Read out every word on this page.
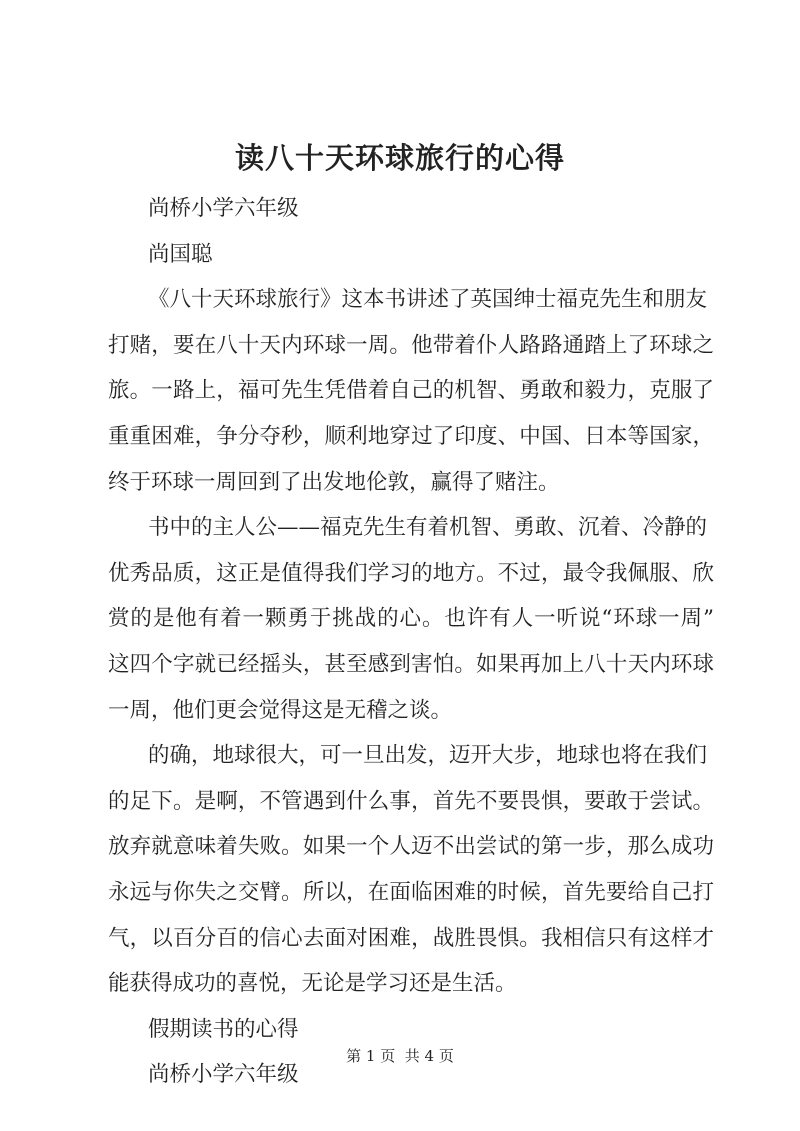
读八十天环球旅行的心得
尚桥小学六年级
尚国聪
《八十天环球旅行》这本书讲述了英国绅士福克先生和朋友
打赌，要在八十天内环球一周。他带着仆人路路通踏上了环球之
旅。一路上，福可先生凭借着自己的机智、勇敢和毅力，克服了
重重困难，争分夺秒，顺利地穿过了印度、中国、日本等国家，
终于环球一周回到了出发地伦敦，赢得了赌注。
书中的主人公——福克先生有着机智、勇敢、沉着、冷静的
优秀品质，这正是值得我们学习的地方。不过，最令我佩服、欣
赏的是他有着一颗勇于挑战的心。也许有人一听说“环球一周”
这四个字就已经摇头，甚至感到害怕。如果再加上八十天内环球
一周，他们更会觉得这是无稽之谈。
的确，地球很大，可一旦出发，迈开大步，地球也将在我们
的足下。是啊，不管遇到什么事，首先不要畏惧，要敢于尝试。
放弃就意味着失败。如果一个人迈不出尝试的第一步，那么成功
永远与你失之交臂。所以，在面临困难的时候，首先要给自己打
气，以百分百的信心去面对困难，战胜畏惧。我相信只有这样才
能获得成功的喜悦，无论是学习还是生活。
假期读书的心得
尚桥小学六年级
第 1 页 共 4 页
